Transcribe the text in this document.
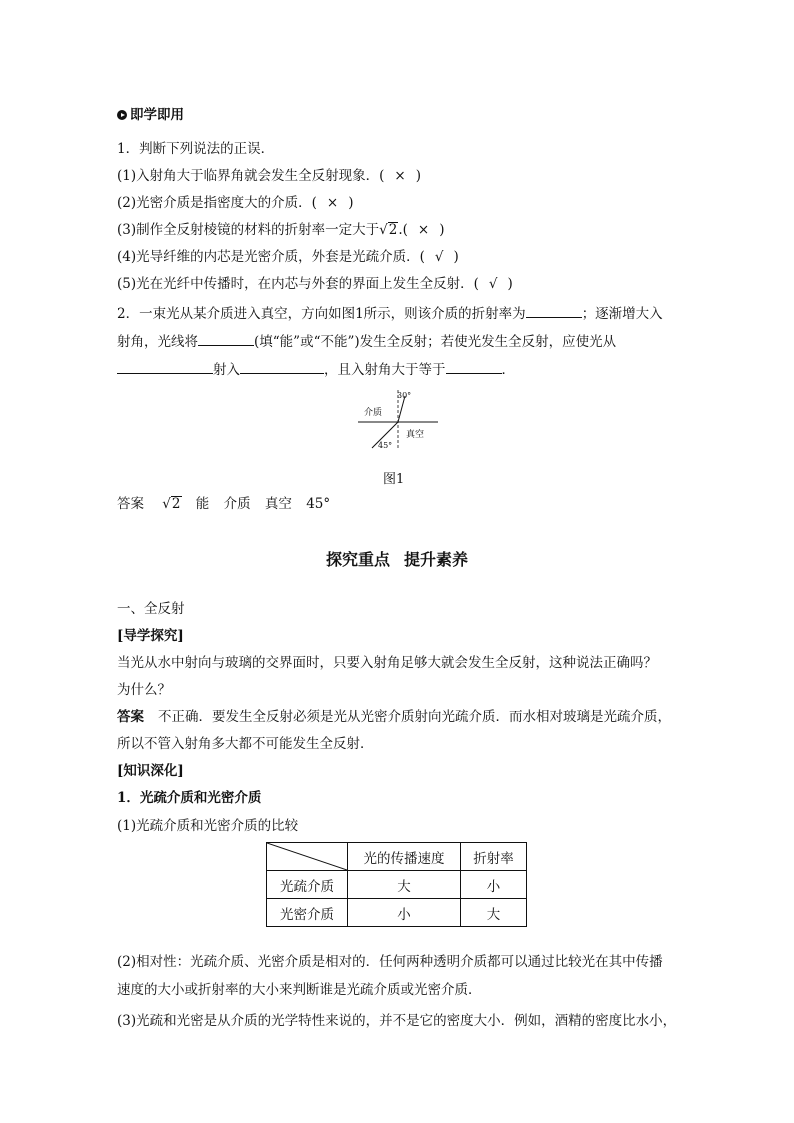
即学即用
1．判断下列说法的正误．
(1)入射角大于临界角就会发生全反射现象．( × )
(2)光密介质是指密度大的介质．( × )
(3)制作全反射棱镜的材料的折射率一定大于√2.( × )
(4)光导纤维的内芯是光密介质，外套是光疏介质．( √ )
(5)光在光纤中传播时，在内芯与外套的界面上发生全反射．( √ )
2．一束光从某介质进入真空，方向如图1所示，则该介质的折射率为	；逐渐增大入
射角，光线将	(填“能”或“不能”)发生全反射；若使光发生全反射，应使光从
射入	，且入射角大于等于	．
30°
45°
介质
真空
图1
答案 √2 能 介质 真空 45°
探究重点 提升素养
一、全反射
[导学探究]
当光从水中射向与玻璃的交界面时，只要入射角足够大就会发生全反射，这种说法正确吗？
为什么？
答案 不正确．要发生全反射必须是光从光密介质射向光疏介质．而水相对玻璃是光疏介质，
所以不管入射角多大都不可能发生全反射．
[知识深化]
1．光疏介质和光密介质
(1)光疏介质和光密介质的比较
	光的传播速度	折射率
光疏介质	大	小
光密介质	小	大
(2)相对性：光疏介质、光密介质是相对的．任何两种透明介质都可以通过比较光在其中传播
速度的大小或折射率的大小来判断谁是光疏介质或光密介质．
(3)光疏和光密是从介质的光学特性来说的，并不是它的密度大小．例如，酒精的密度比水小，
